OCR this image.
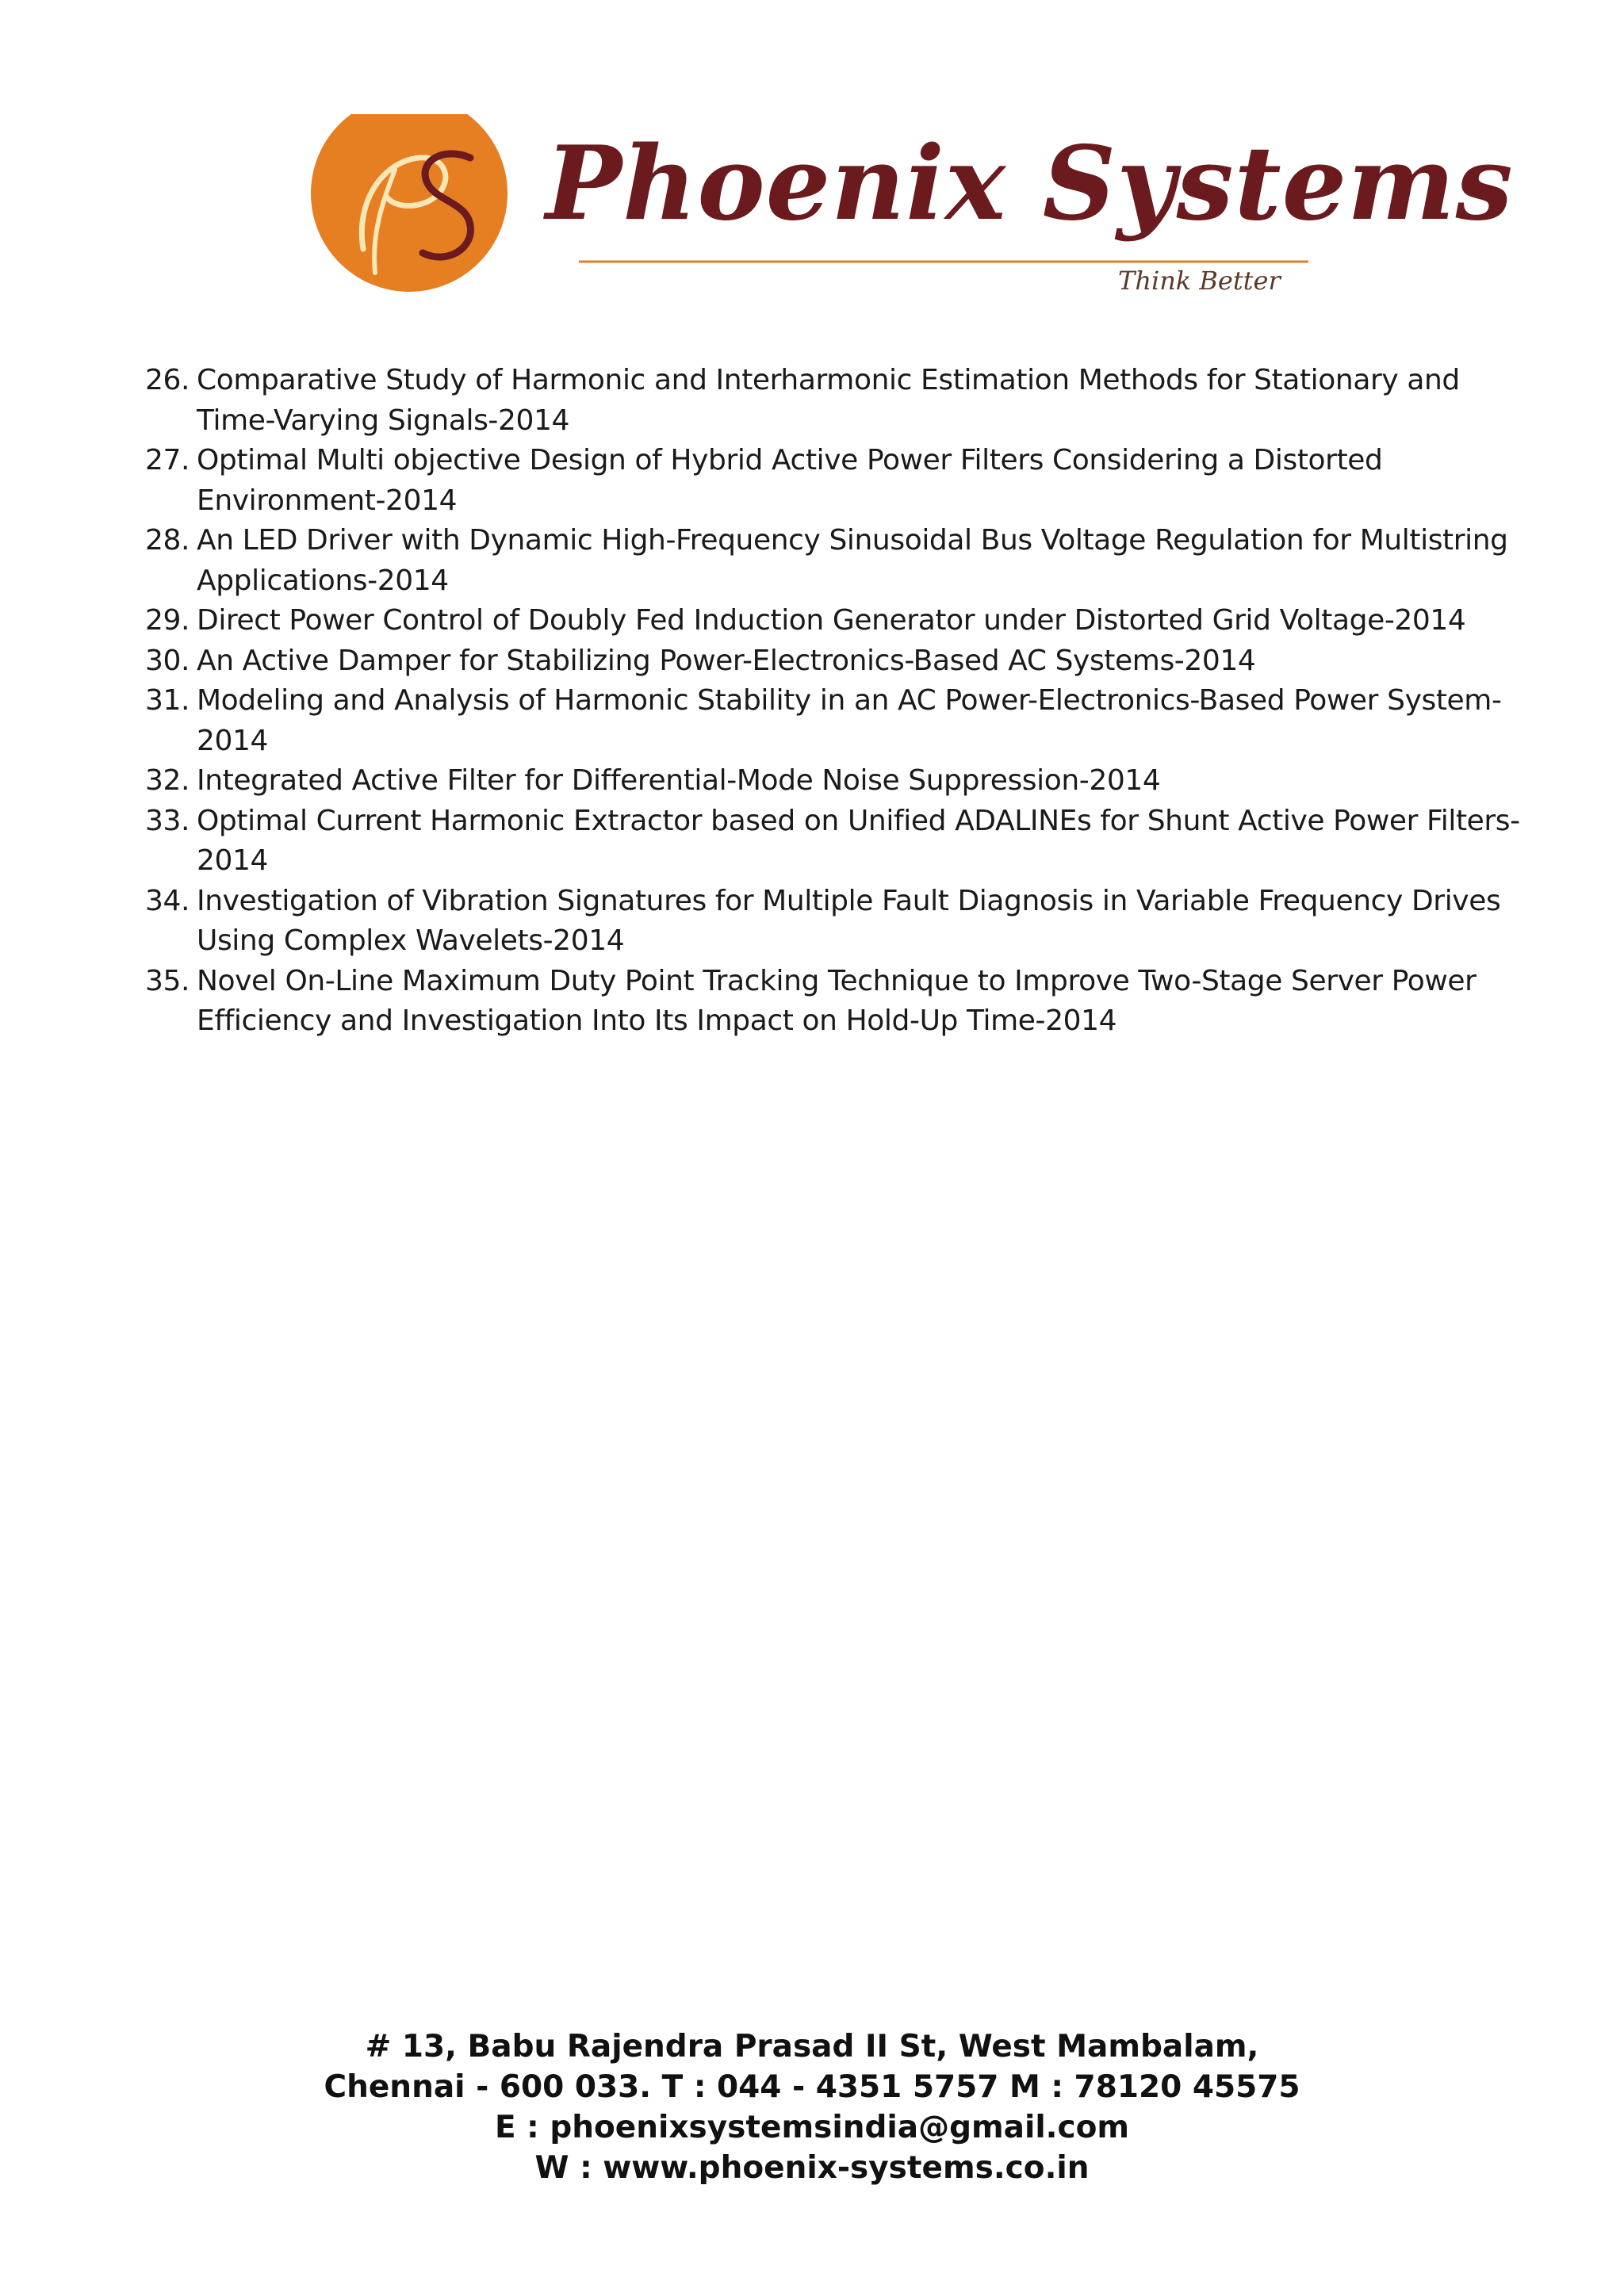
Phoenix Systems
Think Better
26. Comparative Study of Harmonic and Interharmonic Estimation Methods for Stationary and Time-Varying Signals-2014
27. Optimal Multi objective Design of Hybrid Active Power Filters Considering a Distorted Environment-2014
28. An LED Driver with Dynamic High-Frequency Sinusoidal Bus Voltage Regulation for Multistring Applications-2014
29. Direct Power Control of Doubly Fed Induction Generator under Distorted Grid Voltage-2014
30. An Active Damper for Stabilizing Power-Electronics-Based AC Systems-2014
31. Modeling and Analysis of Harmonic Stability in an AC Power-Electronics-Based Power System-2014
32. Integrated Active Filter for Differential-Mode Noise Suppression-2014
33. Optimal Current Harmonic Extractor based on Unified ADALINEs for Shunt Active Power Filters-2014
34. Investigation of Vibration Signatures for Multiple Fault Diagnosis in Variable Frequency Drives Using Complex Wavelets-2014
35. Novel On-Line Maximum Duty Point Tracking Technique to Improve Two-Stage Server Power Efficiency and Investigation Into Its Impact on Hold-Up Time-2014
# 13, Babu Rajendra Prasad II St, West Mambalam,
Chennai - 600 033. T : 044 - 4351 5757 M : 78120 45575
E : phoenixsystemsindia@gmail.com
W : www.phoenix-systems.co.in
